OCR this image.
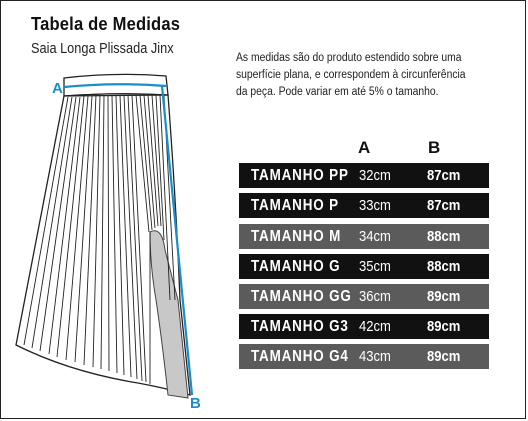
Tabela de Medidas
Saia Longa Plissada Jinx
As medidas são do produto estendido sobre uma
superfície plana, e correspondem à circunferência
da peça. Pode variar em até 5% o tamanho.
A
B
A	B
TAMANHO PP 32cm 87cm
TAMANHO P 33cm 87cm
TAMANHO M 34cm 88cm
TAMANHO G 35cm 88cm
TAMANHO GG 36cm 89cm
TAMANHO G3 42cm 89cm
TAMANHO G4 43cm 89cm
